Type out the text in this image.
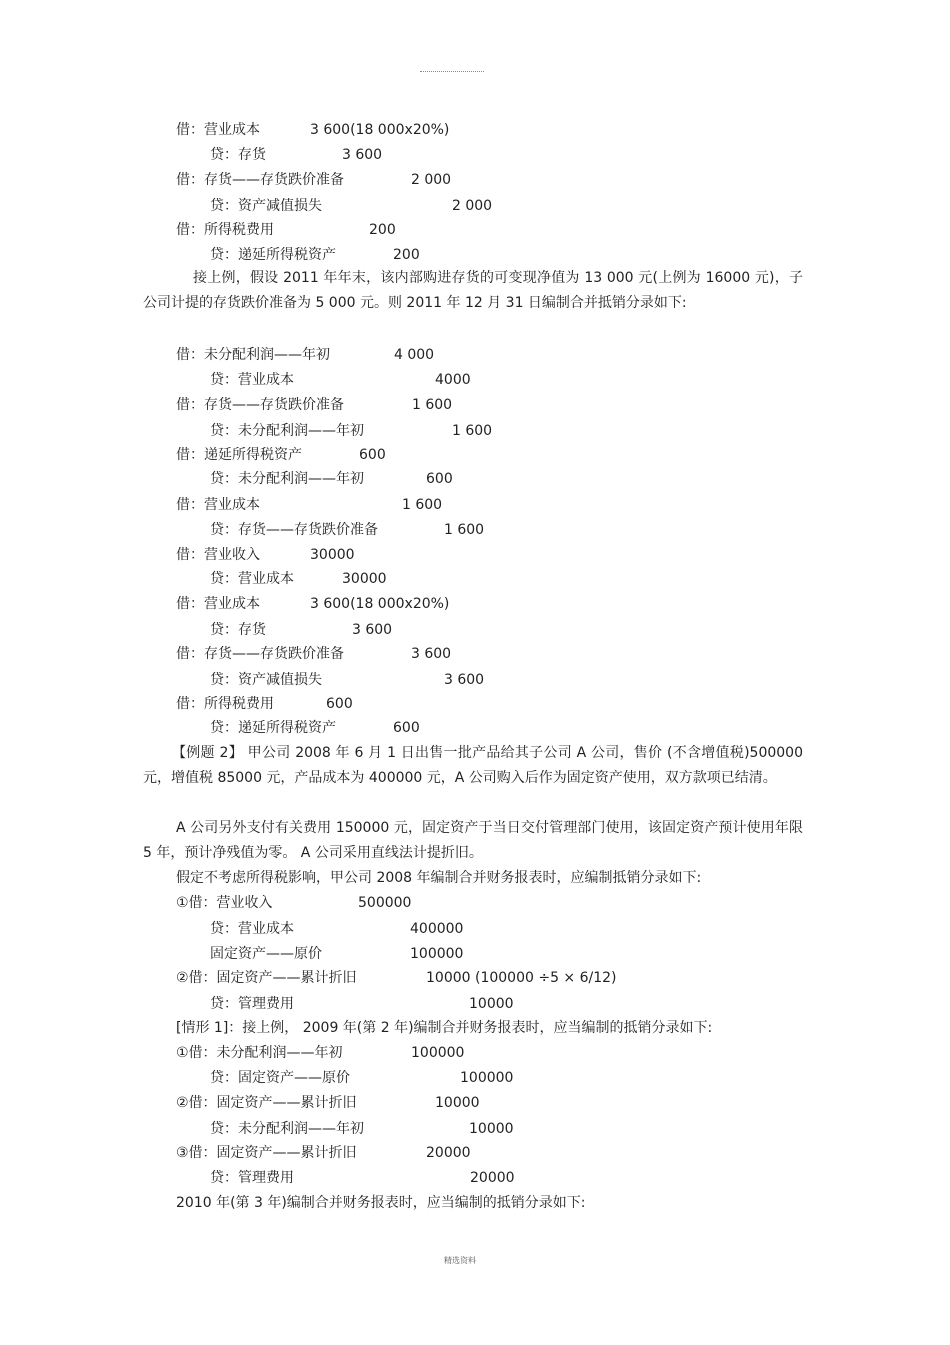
借：营业成本	3 600(18 000x20%)
贷：存货	3 600
借：存货——存货跌价准备	2 000
贷：资产减值损失	2 000
借：所得税费用	200
贷：递延所得税资产	200
接上例，假设 2011 年年末，该内部购进存货的可变现净值为 13 000 元(上例为 16000 元)，子公司计提的存货跌价准备为 5 000 元。则 2011 年 12 月 31 日编制合并抵销分录如下:
借：未分配利润——年初	4 000
贷：营业成本	4000
借：存货——存货跌价准备	1 600
贷：未分配利润——年初	1 600
借：递延所得税资产	600
贷：未分配利润——年初	600
借：营业成本	1 600
贷：存货——存货跌价准备	1 600
借：营业收入	30000
贷：营业成本	30000
借：营业成本	3 600(18 000x20%)
贷：存货	3 600
借：存货——存货跌价准备	3 600
贷：资产减值损失	3 600
借：所得税费用	600
贷：递延所得税资产	600
【例题 2】 甲公司 2008 年 6 月 1 日出售一批产品给其子公司 A 公司，售价 (不含增值税)500000 元，增值税 85000 元，产品成本为 400000 元，A 公司购入后作为固定资产使用，双方款项已结清。
A 公司另外支付有关费用 150000 元，固定资产于当日交付管理部门使用，该固定资产预计使用年限 5 年，预计净残值为零。 A 公司采用直线法计提折旧。
假定不考虑所得税影响，甲公司 2008 年编制合并财务报表时，应编制抵销分录如下:
①借：营业收入	500000
贷：营业成本	400000
固定资产——原价	100000
②借：固定资产——累计折旧	10000 (100000 ÷5 × 6/12)
贷：管理费用	10000
[情形 1]：接上例， 2009 年(第 2 年)编制合并财务报表时，应当编制的抵销分录如下:
①借：未分配利润——年初	100000
贷：固定资产——原价	100000
②借：固定资产——累计折旧	10000
贷：未分配利润——年初	10000
③借：固定资产——累计折旧	20000
贷：管理费用	20000
2010 年(第 3 年)编制合并财务报表时，应当编制的抵销分录如下:
精选资料
